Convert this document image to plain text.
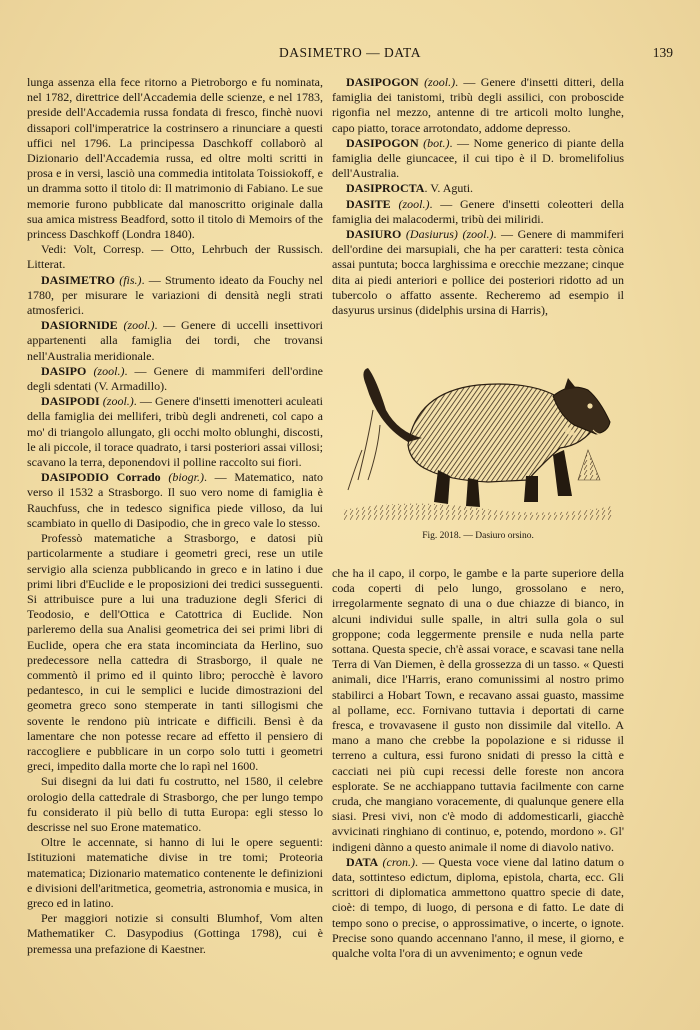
DASIMETRO — DATA	139

lunga assenza ella fece ritorno a Pietroborgo e fu nominata, nel 1782, direttrice dell'Accademia delle scienze, e nel 1783, preside dell'Accademia russa fondata di fresco, finchè nuovi dissapori coll'imperatrice la costrinsero a rinunciare a questi uffici nel 1796. La principessa Daschkoff collaborò al Dizionario dell'Accademia russa, ed oltre molti scritti in prosa e in versi, lasciò una commedia intitolata Toissiokoff, e un dramma sotto il titolo di: Il matrimonio di Fabiano. Le sue memorie furono pubblicate dal manoscritto originale dalla sua amica mistress Beadford, sotto il titolo di Memoirs of the princess Daschkoff (Londra 1840).

Vedi: Volt, Corresp. — Otto, Lehrbuch der Russisch. Litterat.

DASIMETRO (fis.). — Strumento ideato da Fouchy nel 1780, per misurare le variazioni di densità negli strati atmosferici.

DASIORNIDE (zool.). — Genere di uccelli insettivori appartenenti alla famiglia dei tordi, che trovansi nell'Australia meridionale.

DASIPO (zool.). — Genere di mammiferi dell'ordine degli sdentati (V. Armadillo).

DASIPODI (zool.). — Genere d'insetti imenotteri aculeati della famiglia dei melliferi, tribù degli andreneti, col capo a mo' di triangolo allungato, gli occhi molto oblunghi, discosti, le ali piccole, il torace quadrato, i tarsi posteriori assai villosi; scavano la terra, deponendovi il polline raccolto sui fiori.

DASIPODIO Corrado (biogr.). — Matematico, nato verso il 1532 a Strasborgo. Il suo vero nome di famiglia è Rauchfuss, che in tedesco significa piede villoso, da lui scambiato in quello di Dasipodio, che in greco vale lo stesso.

Professò matematiche a Strasborgo, e datosi più particolarmente a studiare i geometri greci, rese un utile servigio alla scienza pubblicando in greco e in latino i due primi libri d'Euclide e le proposizioni dei tredici susseguenti. Si attribuisce pure a lui una traduzione degli Sferici di Teodosio, e dell'Ottica e Catottrica di Euclide. Non parleremo della sua Analisi geometrica dei sei primi libri di Euclide, opera che era stata incominciata da Herlino, suo predecessore nella cattedra di Strasborgo, il quale ne commentò il primo ed il quinto libro; perocchè è lavoro pedantesco, in cui le semplici e lucide dimostrazioni del geometra greco sono stemperate in tanti sillogismi che sovente le rendono più intricate e difficili. Bensì è da lamentare che non potesse recare ad effetto il pensiero di raccogliere e pubblicare in un corpo solo tutti i geometri greci, impedito dalla morte che lo rapì nel 1600.

Sui disegni da lui dati fu costrutto, nel 1580, il celebre orologio della cattedrale di Strasborgo, che per lungo tempo fu considerato il più bello di tutta Europa: egli stesso lo descrisse nel suo Erone matematico.

Oltre le accennate, si hanno di lui le opere seguenti: Istituzioni matematiche divise in tre tomi; Proteoria matematica; Dizionario matematico contenente le definizioni e divisioni dell'aritmetica, geometria, astronomia e musica, in greco ed in latino.

Per maggiori notizie si consulti Blumhof, Vom alten Mathematiker C. Dasypodius (Gottinga 1798), cui è premessa una prefazione di Kaestner.

DASIPOGON (zool.). — Genere d'insetti ditteri, della famiglia dei tanistomi, tribù degli assilici, con proboscide rigonfia nel mezzo, antenne di tre articoli molto lunghe, capo piatto, torace arrotondato, addome depresso.

DASIPOGON (bot.). — Nome generico di piante della famiglia delle giuncacee, il cui tipo è il D. bromelifolius dell'Australia.

DASIPROCTA. V. Aguti.

DASITE (zool.). — Genere d'insetti coleotteri della famiglia dei malacodermi, tribù dei miliridi.

DASIURO (Dasiurus) (zool.). — Genere di mammiferi dell'ordine dei marsupiali, che ha per caratteri: testa cònica assai puntuta; bocca larghissima e orecchie mezzane; cinque dita ai piedi anteriori e pollice dei posteriori ridotto ad un tubercolo o affatto assente. Recheremo ad esempio il dasyurus ursinus (didelphis ursina di Harris),

Fig. 2018. — Dasiuro orsino.

che ha il capo, il corpo, le gambe e la parte superiore della coda coperti di pelo lungo, grossolano e nero, irregolarmente segnato di una o due chiazze di bianco, in alcuni individui sulle spalle, in altri sulla gola o sul groppone; coda leggermente prensile e nuda nella parte sottana. Questa specie, ch'è assai vorace, e scavasi tane nella Terra di Van Diemen, è della grossezza di un tasso. « Questi animali, dice l'Harris, erano comunissimi al nostro primo stabilirci a Hobart Town, e recavano assai guasto, massime al pollame, ecc. Fornivano tuttavia i deportati di carne fresca, e trovavasene il gusto non dissimile dal vitello. A mano a mano che crebbe la popolazione e si ridusse il terreno a cultura, essi furono snidati di presso la città e cacciati nei più cupi recessi delle foreste non ancora esplorate. Se ne acchiappano tuttavia facilmente con carne cruda, che mangiano voracemente, di qualunque genere ella siasi. Presi vivi, non c'è modo di addomesticarli, giacchè avvicinati ringhiano di continuo, e, potendo, mordono ». Gl' indigeni dànno a questo animale il nome di diavolo nativo.

DATA (cron.). — Questa voce viene dal latino datum o data, sottinteso edictum, diploma, epistola, charta, ecc. Gli scrittori di diplomatica ammettono quattro specie di date, cioè: di tempo, di luogo, di persona e di fatto. Le date di tempo sono o precise, o approssimative, o incerte, o ignote. Precise sono quando accennano l'anno, il mese, il giorno, e qualche volta l'ora di un avvenimento; e ognun vede
